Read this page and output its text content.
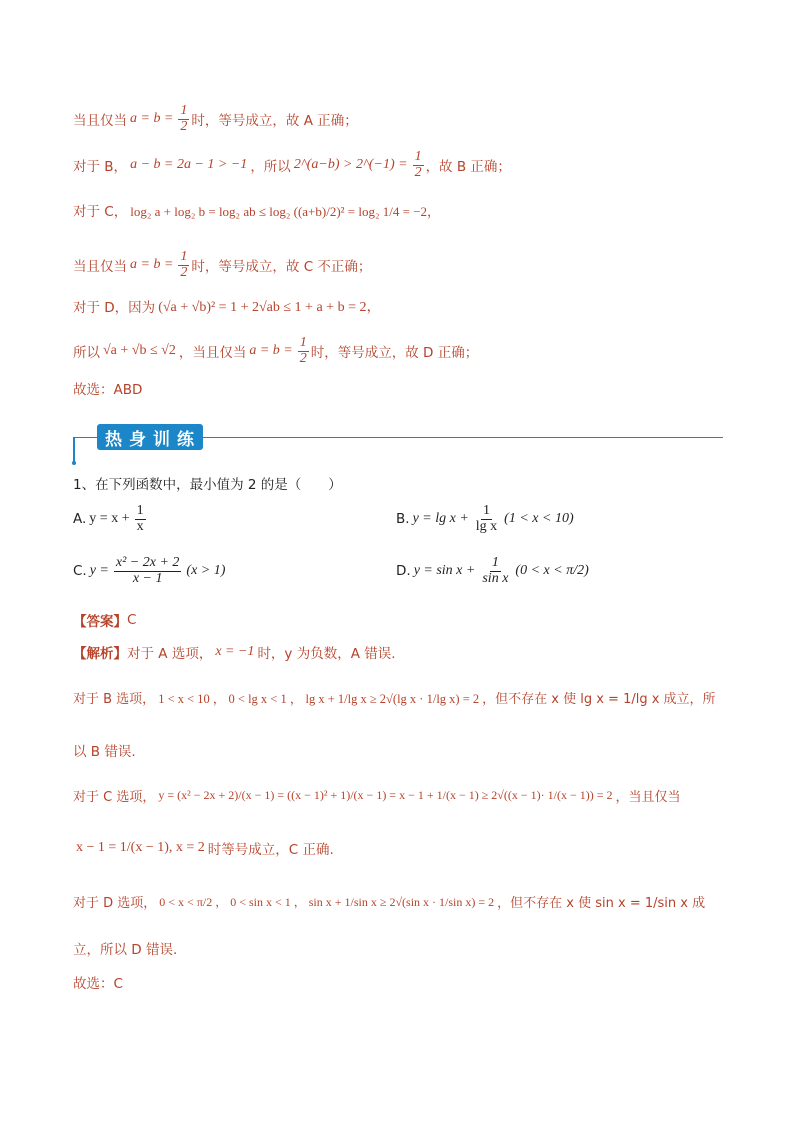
当且仅当 $a = b = \frac{1}{2}$ 时，等号成立，故 A 正确；
对于 B， a − b = 2a − 1 > −1 ，所以 2^(a−b) > 2^(−1) = $\frac{1}{2}$ ，故 B 正确；
对于 C， log₂ a + log₂ b = log₂ ab ≤ log₂ ((a+b)/2)² = log₂ 1/4 = −2，
当且仅当 $a = b = \frac{1}{2}$ 时，等号成立，故 C 不正确；
对于 D，因为 (√a + √b)² = 1 + 2√ab ≤ 1 + a + b = 2，
所以 √a + √b ≤ √2 ，当且仅当 $a = b = \frac{1}{2}$ 时，等号成立，故 D 正确；
故选：ABD
热 身 训 练
1、在下列函数中，最小值为 2 的是（　　）
A. $y = x + \frac{1}{x}$	B. $y = \lg x + \frac{1}{\text{lg x}} (1 < x < 10)$
C. $y = \frac{\text{x² − 2x + 2}}{x - 1} (x > 1)$	D. $y = \sin x + \frac{1}{\text{sin x}} (0 < x < \pi/2)$
【答案】 C
【解析】 对于 A 选项， x = −1 时，y 为负数，A 错误.
对于 B 选项， 1 < x < 10 ， 0 < lg x < 1 ， lg x + 1/lg x ≥ 2√(lg x · 1/lg x) = 2 ，但不存在 x 使 lg x = 1/lg x 成立，所
以 B 错误.
对于 C 选项， y = (x² − 2x + 2)/(x − 1) = ((x − 1)² + 1)/(x − 1) = x − 1 + 1/(x − 1) ≥ 2√((x − 1)· 1/(x − 1)) = 2 ，当且仅当
x − 1 = 1/(x − 1), x = 2 时等号成立，C 正确.
对于 D 选项， 0 < x < π/2 ， 0 < sin x < 1 ， sin x + 1/sin x ≥ 2√(sin x · 1/sin x) = 2 ，但不存在 x 使 sin x = 1/sin x 成
立，所以 D 错误.
故选：C
